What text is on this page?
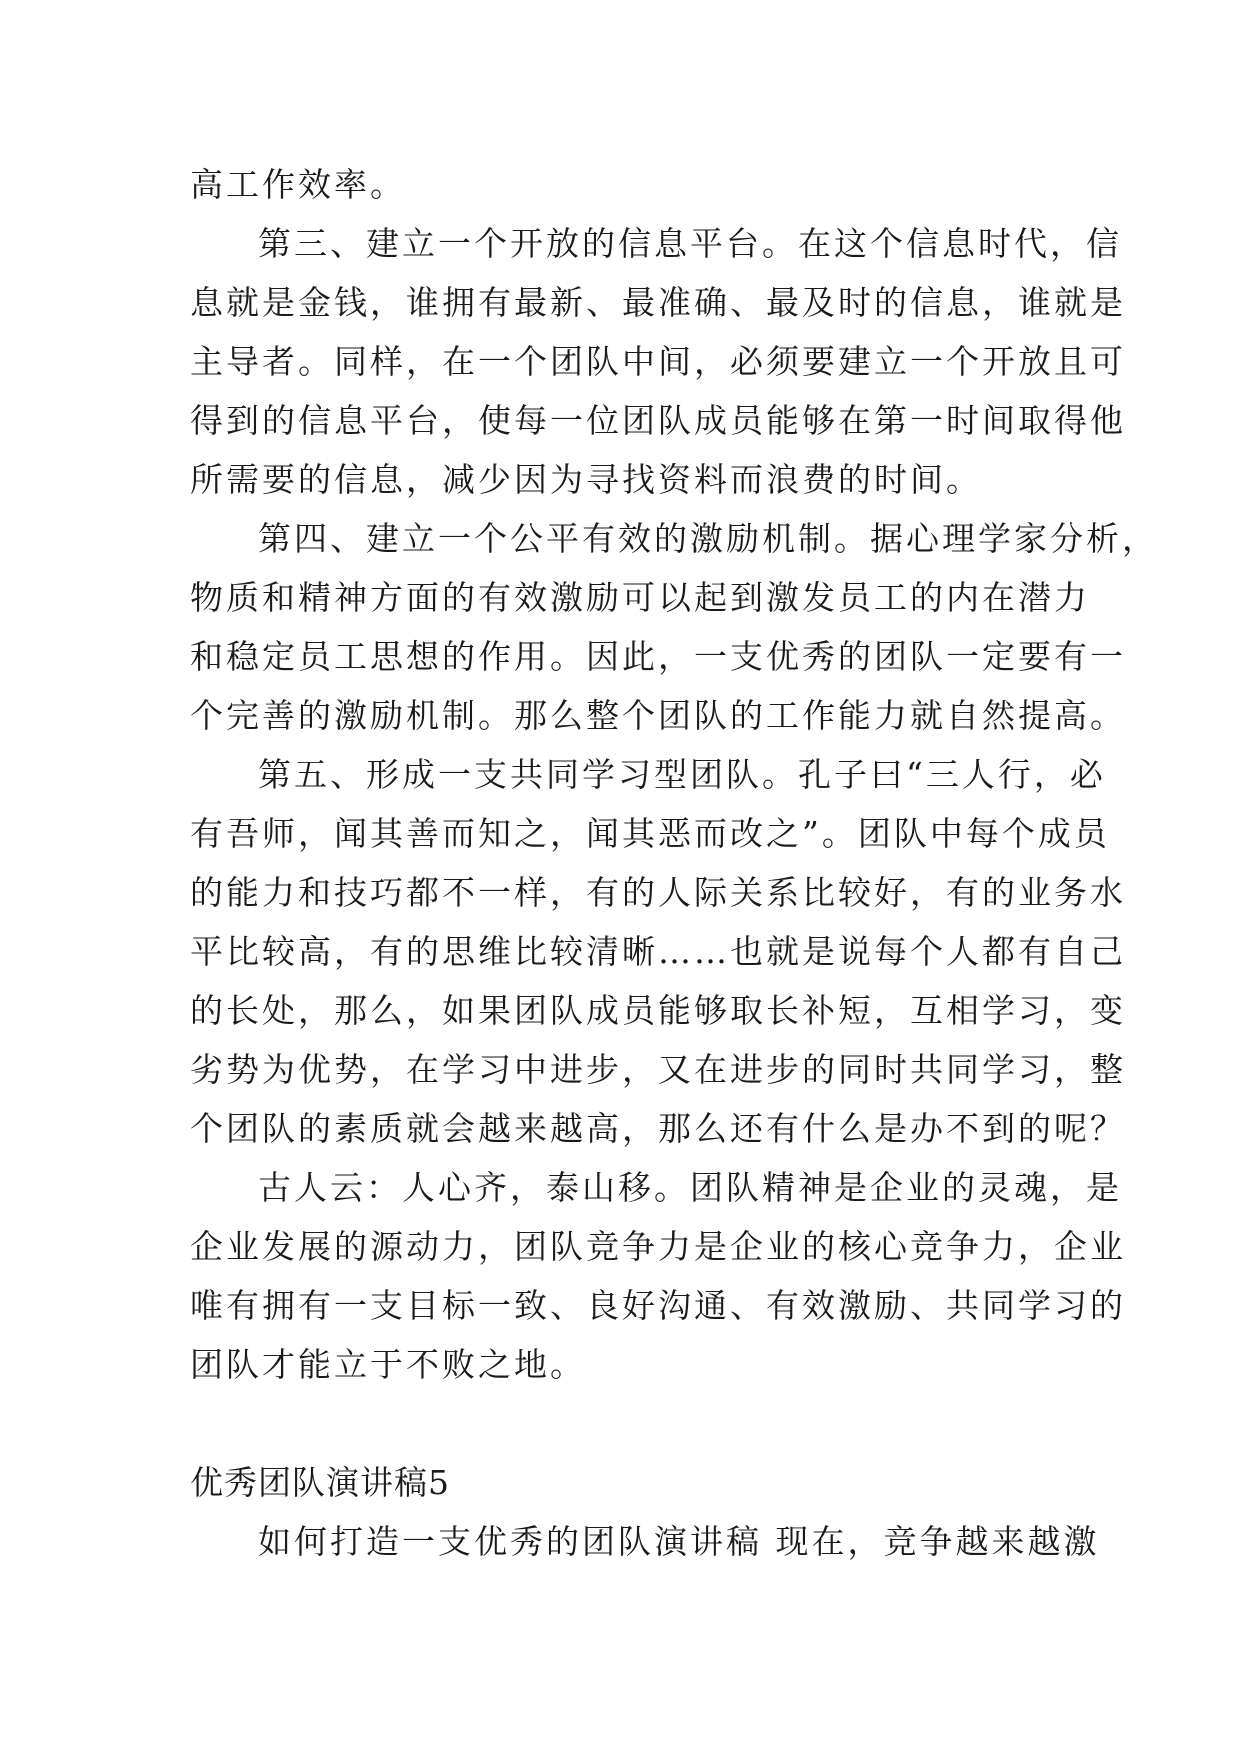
高工作效率。
第三、建立一个开放的信息平台。在这个信息时代，信
息就是金钱，谁拥有最新、最准确、最及时的信息，谁就是
主导者。同样，在一个团队中间，必须要建立一个开放且可
得到的信息平台，使每一位团队成员能够在第一时间取得他
所需要的信息，减少因为寻找资料而浪费的时间。
第四、建立一个公平有效的激励机制。据心理学家分析，
物质和精神方面的有效激励可以起到激发员工的内在潜力
和稳定员工思想的作用。因此，一支优秀的团队一定要有一
个完善的激励机制。那么整个团队的工作能力就自然提高。
第五、形成一支共同学习型团队。孔子曰“三人行，必
有吾师，闻其善而知之，闻其恶而改之”。团队中每个成员
的能力和技巧都不一样，有的人际关系比较好，有的业务水
平比较高，有的思维比较清晰……也就是说每个人都有自己
的长处，那么，如果团队成员能够取长补短，互相学习，变
劣势为优势，在学习中进步，又在进步的同时共同学习，整
个团队的素质就会越来越高，那么还有什么是办不到的呢？
古人云：人心齐，泰山移。团队精神是企业的灵魂，是
企业发展的源动力，团队竞争力是企业的核心竞争力，企业
唯有拥有一支目标一致、良好沟通、有效激励、共同学习的
团队才能立于不败之地。
优秀团队演讲稿5
如何打造一支优秀的团队演讲稿 现在，竞争越来越激
